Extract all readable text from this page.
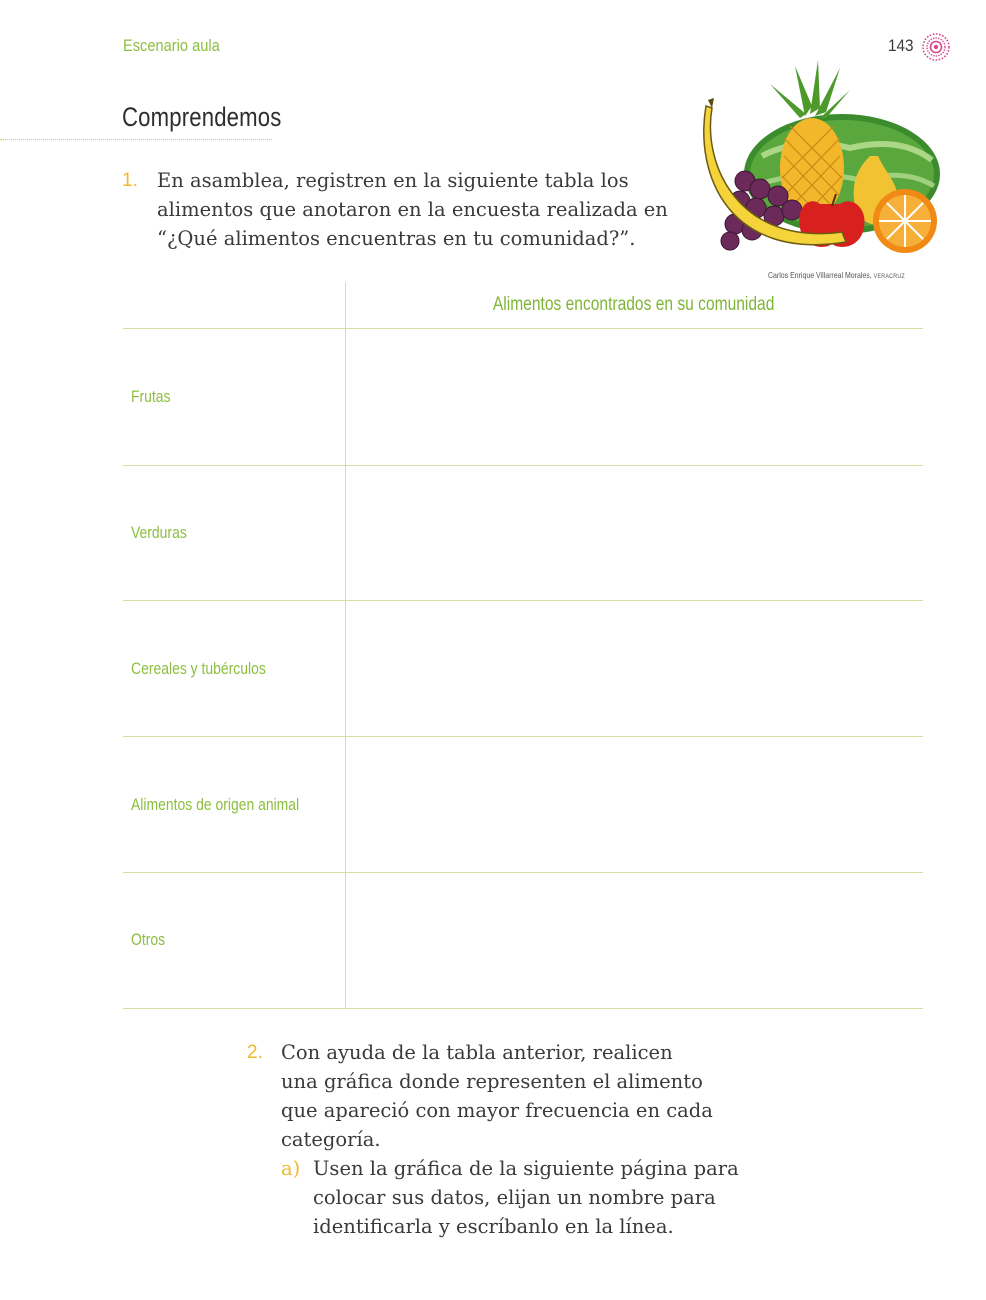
Escenario aula	143
Comprendemos
1. En asamblea, registren en la siguiente tabla los
alimentos que anotaron en la encuesta realizada en
“¿Qué alimentos encuentras en tu comunidad?”.
Carlos Enrique Villarreal Morales, VERACRUZ
Alimentos encontrados en su comunidad
Frutas
Verduras
Cereales y tubérculos
Alimentos de origen animal
Otros
2. Con ayuda de la tabla anterior, realicen
una gráfica donde representen el alimento
que apareció con mayor frecuencia en cada
categoría.
a) Usen la gráfica de la siguiente página para
colocar sus datos, elijan un nombre para
identificarla y escríbanlo en la línea.
